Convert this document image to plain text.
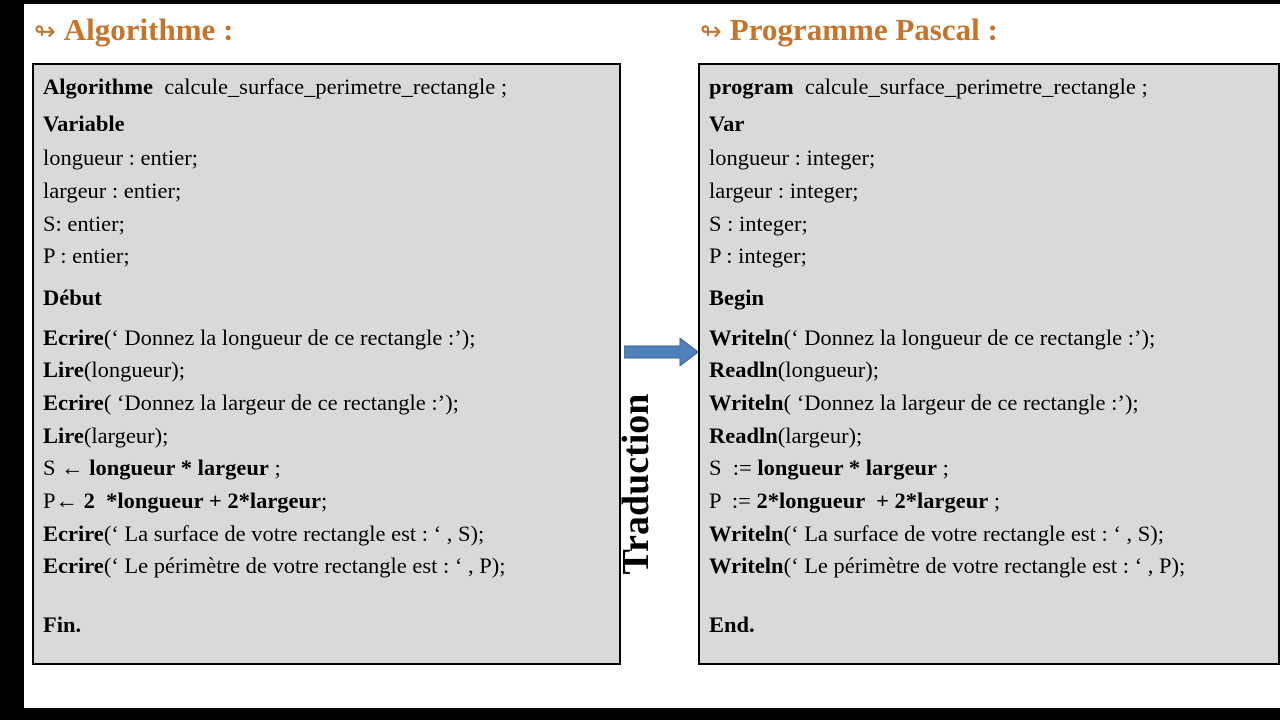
↬ Algorithme :	↬ Programme Pascal :
Algorithme  calcule_surface_perimetre_rectangle ;
Variable
longueur : entier;
largeur : entier;
S: entier;
P : entier;
Début
Ecrire(‘ Donnez la longueur de ce rectangle :’);
Lire(longueur);
Ecrire( ‘Donnez la largeur de ce rectangle :’);
Lire(largeur);
S ← longueur * largeur ;
P← 2  *longueur + 2*largeur;
Ecrire(‘ La surface de votre rectangle est : ‘ , S);
Ecrire(‘ Le périmètre de votre rectangle est : ‘ , P);
Fin.
program  calcule_surface_perimetre_rectangle ;
Var
longueur : integer;
largeur : integer;
S : integer;
P : integer;
Begin
Writeln(‘ Donnez la longueur de ce rectangle :’);
Readln(longueur);
Writeln( ‘Donnez la largeur de ce rectangle :’);
Readln(largeur);
S  := longueur * largeur ;
P  := 2*longueur  + 2*largeur ;
Writeln(‘ La surface de votre rectangle est : ‘ , S);
Writeln(‘ Le périmètre de votre rectangle est : ‘ , P);
End.
Traduction
